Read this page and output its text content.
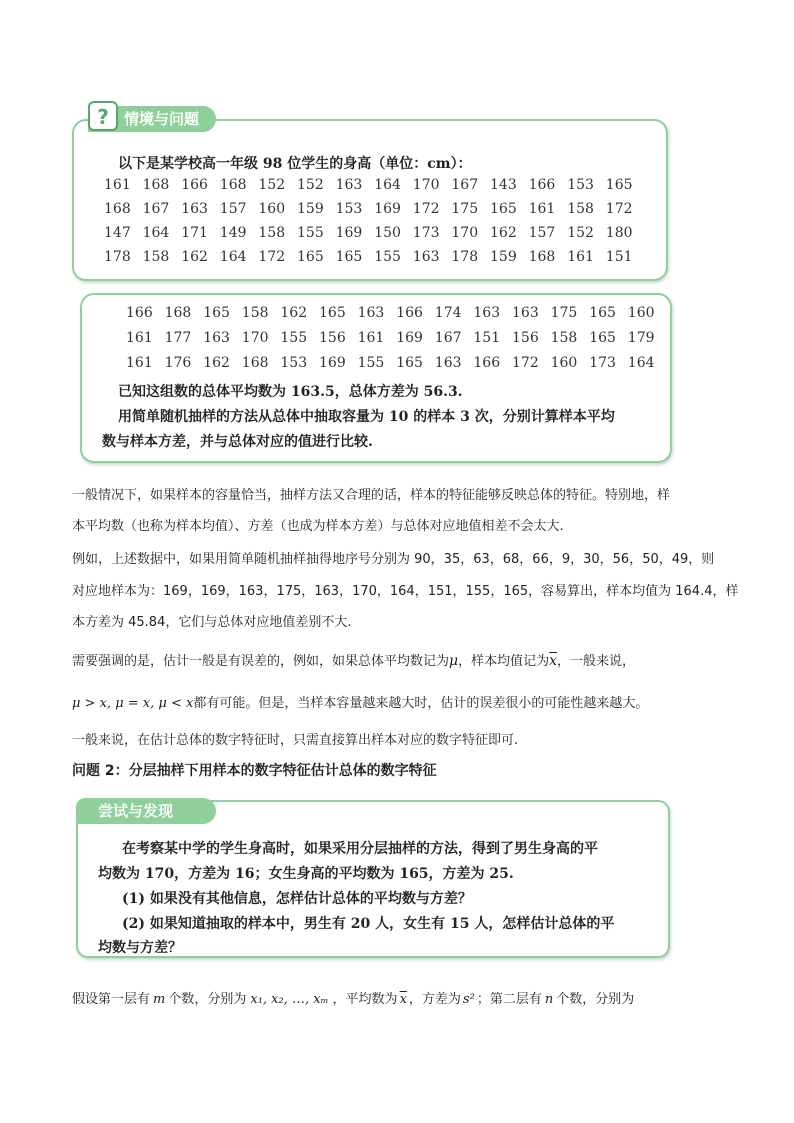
以下是某学校高一年级 98 位学生的身高（单位：cm）：
161 168 166 168 152 152 163 164 170 167 143 166 153 165
168 167 163 157 160 159 153 169 172 175 165 161 158 172
147 164 171 149 158 155 169 150 173 170 162 157 152 180
178 158 162 164 172 165 165 155 163 178 159 168 161 151
?	情境与问题
166 168 165 158 162 165 163 166 174 163 163 175 165 160
161 177 163 170 155 156 161 169 167 151 156 158 165 179
161 176 162 168 153 169 155 165 163 166 172 160 173 164
已知这组数的总体平均数为 163.5，总体方差为 56.3.
用简单随机抽样的方法从总体中抽取容量为 10 的样本 3 次，分别计算样本平均
数与样本方差，并与总体对应的值进行比较.
一般情况下，如果样本的容量恰当，抽样方法又合理的话，样本的特征能够反映总体的特征。特别地，样
本平均数（也称为样本均值）、方差（也成为样本方差）与总体对应地值相差不会太大.
例如，上述数据中，如果用简单随机抽样抽得地序号分别为 90，35，63，68，66，9，30，56，50，49，则
对应地样本为：169，169，163，175，163，170，164，151，155，165，容易算出，样本均值为 164.4，样
本方差为 45.84，它们与总体对应地值差别不大.
需要强调的是，估计一般是有误差的，例如，如果总体平均数记为μ，样本均值记为$\overline{x}$，一般来说，
μ > x, μ = x, μ < x都有可能。但是，当样本容量越来越大时，估计的误差很小的可能性越来越大。
一般来说，在估计总体的数字特征时，只需直接算出样本对应的数字特征即可.
问题 2：分层抽样下用样本的数字特征估计总体的数字特征
在考察某中学的学生身高时，如果采用分层抽样的方法，得到了男生身高的平
均数为 170，方差为 16；女生身高的平均数为 165，方差为 25.
(1) 如果没有其他信息，怎样估计总体的平均数与方差？
(2) 如果知道抽取的样本中，男生有 20 人，女生有 15 人，怎样估计总体的平
均数与方差？
尝试与发现
假设第一层有 m 个数，分别为 x₁, x₂, …, xₘ ，平均数为 $\overline{x}$ ，方差为 s² ；第二层有 n 个数，分别为
